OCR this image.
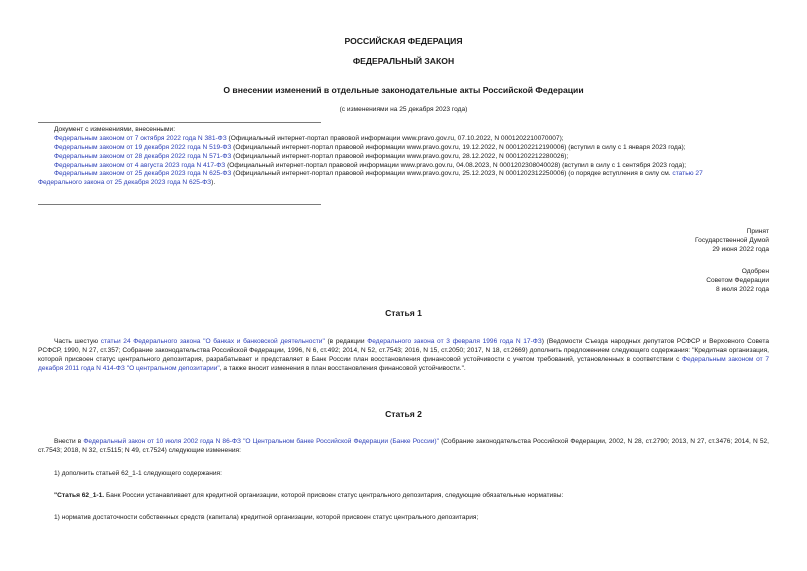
РОССИЙСКАЯ ФЕДЕРАЦИЯ
ФЕДЕРАЛЬНЫЙ ЗАКОН
О внесении изменений в отдельные законодательные акты Российской Федерации
(с изменениями на 25 декабря 2023 года)
Документ с изменениями, внесенными:
Федеральным законом от 7 октября 2022 года N 381-ФЗ (Официальный интернет-портал правовой информации www.pravo.gov.ru, 07.10.2022, N 0001202210070007);
Федеральным законом от 19 декабря 2022 года N 519-ФЗ (Официальный интернет-портал правовой информации www.pravo.gov.ru, 19.12.2022, N 0001202212190006) (вступил в силу с 1 января 2023 года);
Федеральным законом от 28 декабря 2022 года N 571-ФЗ (Официальный интернет-портал правовой информации www.pravo.gov.ru, 28.12.2022, N 0001202212280026);
Федеральным законом от 4 августа 2023 года N 417-ФЗ (Официальный интернет-портал правовой информации www.pravo.gov.ru, 04.08.2023, N 0001202308040028) (вступил в силу с 1 сентября 2023 года);
Федеральным законом от 25 декабря 2023 года N 625-ФЗ (Официальный интернет-портал правовой информации www.pravo.gov.ru, 25.12.2023, N 0001202312250006) (о порядке вступления в силу см. статью 27
Федерального закона от 25 декабря 2023 года N 625-ФЗ).
Принят
Государственной Думой
29 июня 2022 года
Одобрен
Советом Федерации
8 июля 2022 года
Статья 1
Часть шестую статьи 24 Федерального закона "О банках и банковской деятельности" (в редакции Федерального закона от 3 февраля 1996 года N 17-ФЗ) (Ведомости Съезда народных депутатов РСФСР и Верховного Совета РСФСР, 1990, N 27, ст.357; Собрание законодательства Российской Федерации, 1996, N 6, ст.492; 2014, N 52, ст.7543; 2016, N 15, ст.2050; 2017, N 18, ст.2669) дополнить предложением следующего содержания: "Кредитная организация, которой присвоен статус центрального депозитария, разрабатывает и представляет в Банк России план восстановления финансовой устойчивости с учетом требований, установленных в соответствии с Федеральным законом от 7 декабря 2011 года N 414-ФЗ "О центральном депозитарии", а также вносит изменения в план восстановления финансовой устойчивости.".
Статья 2
Внести в Федеральный закон от 10 июля 2002 года N 86-ФЗ "О Центральном банке Российской Федерации (Банке России)" (Собрание законодательства Российской Федерации, 2002, N 28, ст.2790; 2013, N 27, ст.3476; 2014, N 52, ст.7543; 2018, N 32, ст.5115; N 49, ст.7524) следующие изменения:
1) дополнить статьей 62_1-1 следующего содержания:
"Статья 62_1-1. Банк России устанавливает для кредитной организации, которой присвоен статус центрального депозитария, следующие обязательные нормативы:
1) норматив достаточности собственных средств (капитала) кредитной организации, которой присвоен статус центрального депозитария;
